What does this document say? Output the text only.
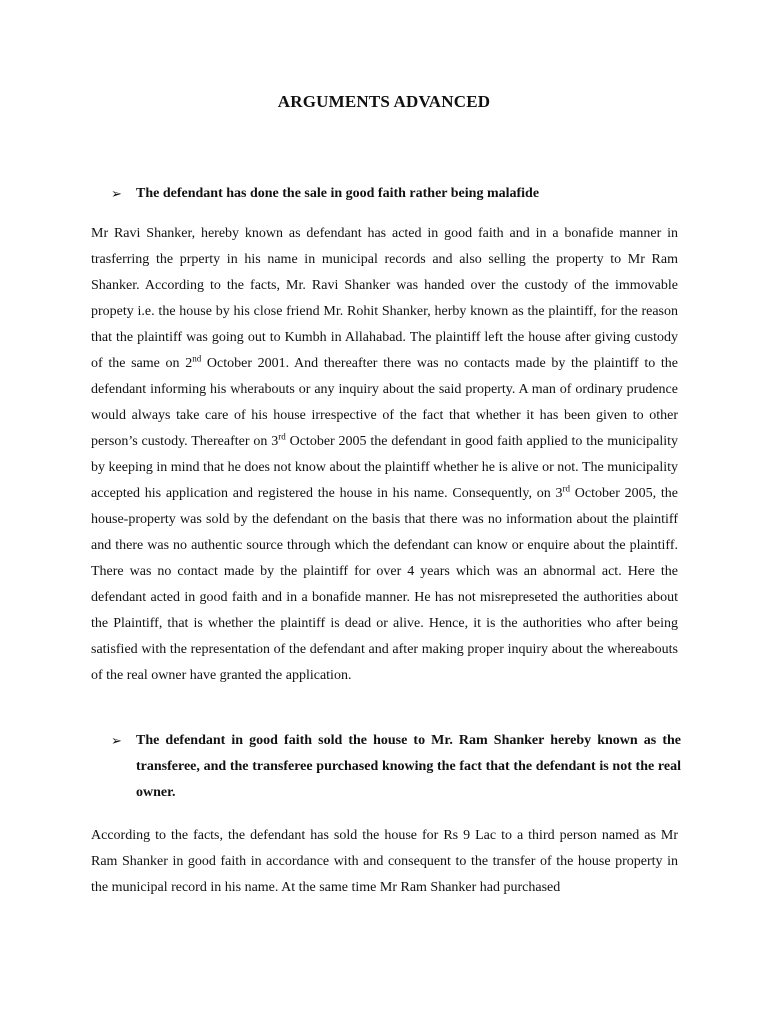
ARGUMENTS ADVANCED
➢ The defendant has done the sale in good faith rather being malafide
Mr Ravi Shanker, hereby known as defendant has acted in good faith and in a bonafide manner in trasferring the prperty in his name in municipal records and also selling the property to Mr Ram Shanker. According to the facts, Mr. Ravi Shanker was handed over the custody of the immovable propety i.e. the house by his close friend Mr. Rohit Shanker, herby known as the plaintiff, for the reason that the plaintiff was going out to Kumbh in Allahabad. The plaintiff left the house after giving custody of the same on 2nd October 2001. And thereafter there was no contacts made by the plaintiff to the defendant informing his wherabouts or any inquiry about the said property. A man of ordinary prudence would always take care of his house irrespective of the fact that whether it has been given to other person’s custody. Thereafter on 3rd October 2005 the defendant in good faith applied to the municipality by keeping in mind that he does not know about the plaintiff whether he is alive or not. The municipality accepted his application and registered the house in his name. Consequently, on 3rd October 2005, the house-property was sold by the defendant on the basis that there was no information about the plaintiff and there was no authentic source through which the defendant can know or enquire about the plaintiff. There was no contact made by the plaintiff for over 4 years which was an abnormal act. Here the defendant acted in good faith and in a bonafide manner. He has not misrepreseted the authorities about the Plaintiff, that is whether the plaintiff is dead or alive. Hence, it is the authorities who after being satisfied with the representation of the defendant and after making proper inquiry about the whereabouts of the real owner have granted the application.
➢ The defendant in good faith sold the house to Mr. Ram Shanker hereby known as the transferee, and the transferee purchased knowing the fact that the defendant is not the real owner.
According to the facts, the defendant has sold the house for Rs 9 Lac to a third person named as Mr Ram Shanker in good faith in accordance with and consequent to the transfer of the house property in the municipal record in his name. At the same time Mr Ram Shanker had purchased
